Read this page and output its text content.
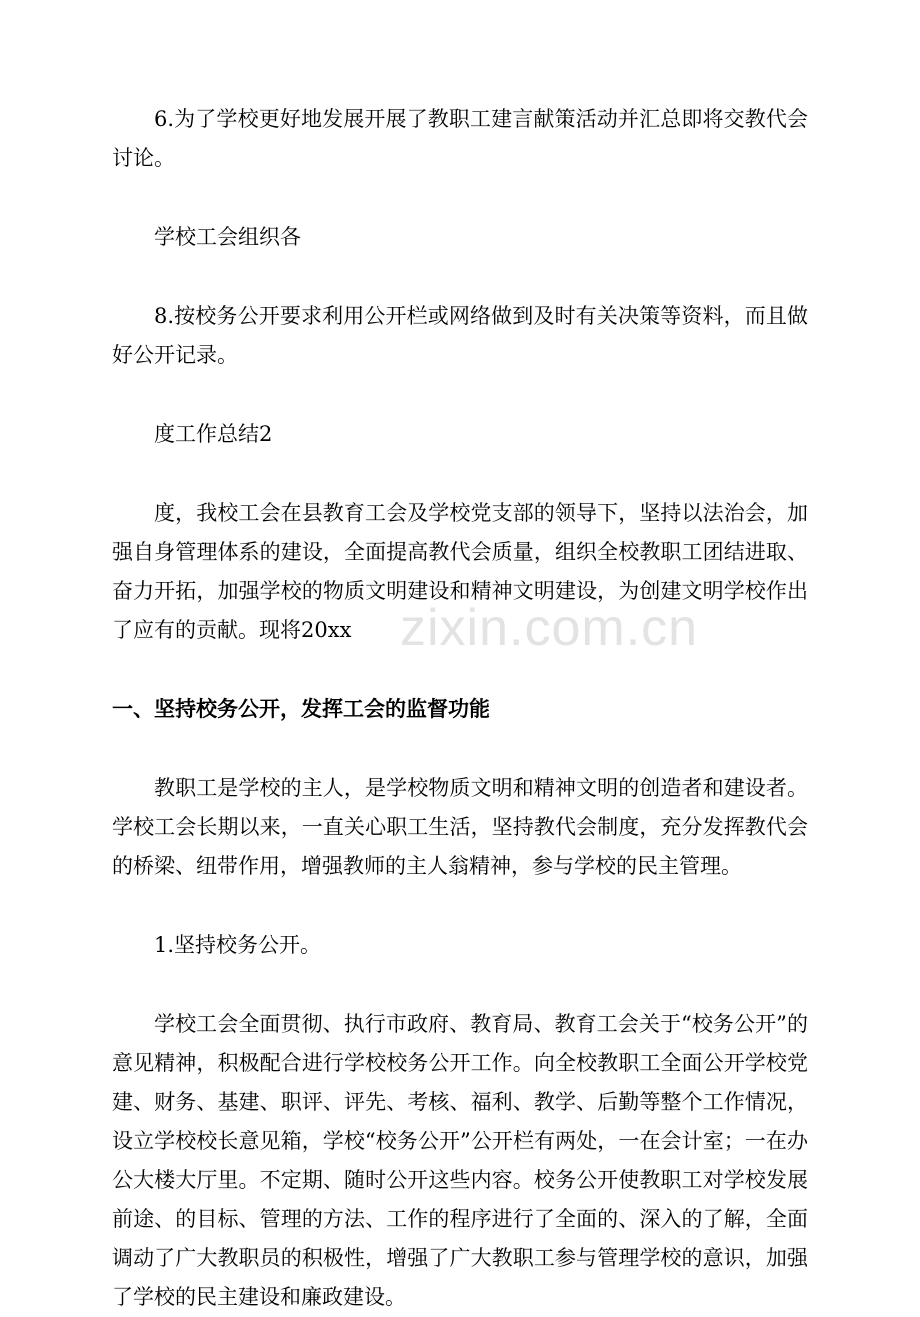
zixin.com.cn

6.为了学校更好地发展开展了教职工建言献策活动并汇总即将交教代会讨论。

学校工会组织各

8.按校务公开要求利用公开栏或网络做到及时有关决策等资料，而且做好公开记录。

度工作总结2

度，我校工会在县教育工会及学校党支部的领导下，坚持以法治会，加强自身管理体系的建设，全面提高教代会质量，组织全校教职工团结进取、奋力开拓，加强学校的物质文明建设和精神文明建设，为创建文明学校作出了应有的贡献。现将20xx

一、坚持校务公开，发挥工会的监督功能

教职工是学校的主人，是学校物质文明和精神文明的创造者和建设者。学校工会长期以来，一直关心职工生活，坚持教代会制度，充分发挥教代会的桥梁、纽带作用，增强教师的主人翁精神，参与学校的民主管理。

1.坚持校务公开。

学校工会全面贯彻、执行市政府、教育局、教育工会关于“校务公开”的意见精神，积极配合进行学校校务公开工作。向全校教职工全面公开学校党建、财务、基建、职评、评先、考核、福利、教学、后勤等整个工作情况，设立学校校长意见箱，学校“校务公开”公开栏有两处，一在会计室；一在办公大楼大厅里。不定期、随时公开这些内容。校务公开使教职工对学校发展前途、的目标、管理的方法、工作的程序进行了全面的、深入的了解，全面调动了广大教职员的积极性，增强了广大教职工参与管理学校的意识，加强了学校的民主建设和廉政建设。
